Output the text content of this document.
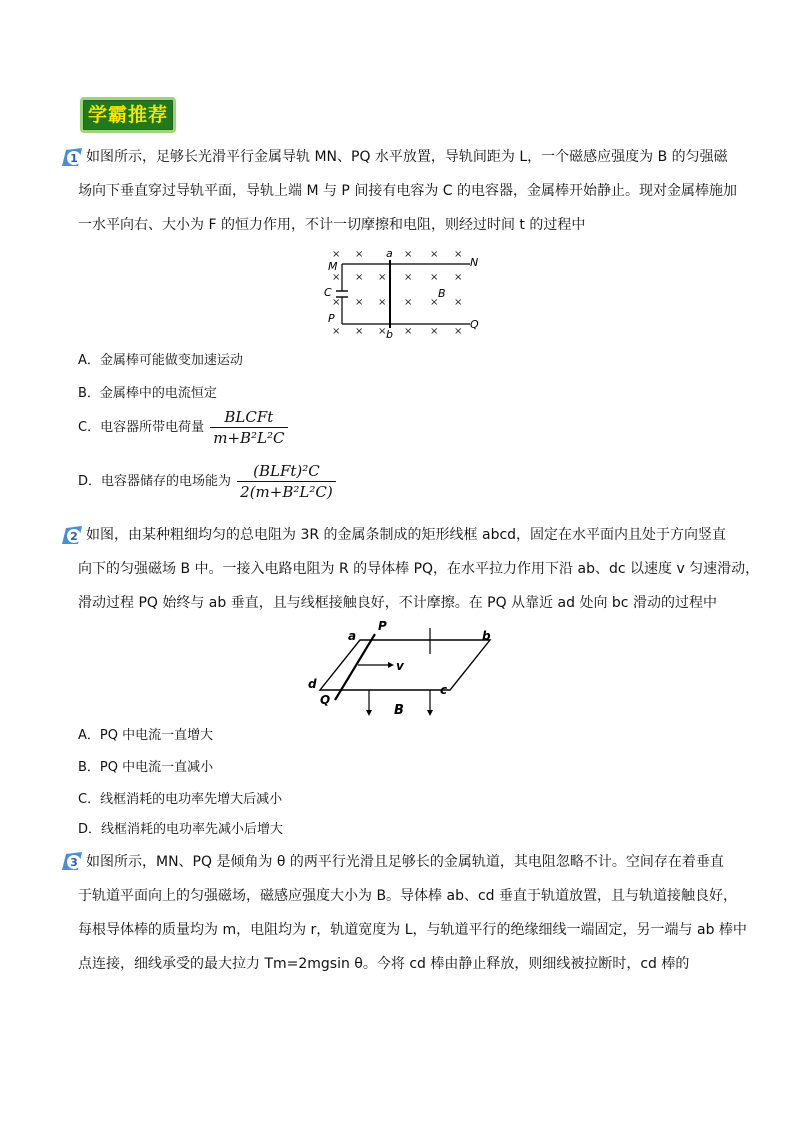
学霸推荐
1 如图所示，足够长光滑平行金属导轨 MN、PQ 水平放置，导轨间距为 L，一个磁感应强度为 B 的匀强磁
场向下垂直穿过导轨平面，导轨上端 M 与 P 间接有电容为 C 的电容器，金属棒开始静止。现对金属棒施加
一水平向右、大小为 F 的恒力作用，不计一切摩擦和电阻，则经过时间 t 的过程中
× ×	× × ×
× × × × × ×
× × × × × ×
× × × × × ×
M	N
P	Q
a
b
C	B
A．金属棒可能做变加速运动
B．金属棒中的电流恒定
C．电容器所带电荷量 $\frac{\text{BLCFt}}{\text{m+B²L²C}}$
D．电容器储存的电场能为 $\frac{\text{(BLFt)²C}}{\text{2(m+B²L²C)}}$
2 如图，由某种粗细均匀的总电阻为 3R 的金属条制成的矩形线框 abcd，固定在水平面内且处于方向竖直
向下的匀强磁场 B 中。一接入电路电阻为 R 的导体棒 PQ，在水平拉力作用下沿 ab、dc 以速度 v 匀速滑动，
滑动过程 PQ 始终与 ab 垂直，且与线框接触良好，不计摩擦。在 PQ 从靠近 ad 处向 bc 滑动的过程中
a
P
b
d
Q
c
v
B
A．PQ 中电流一直增大
B．PQ 中电流一直减小
C．线框消耗的电功率先增大后减小
D．线框消耗的电功率先减小后增大
3 如图所示，MN、PQ 是倾角为 θ 的两平行光滑且足够长的金属轨道，其电阻忽略不计。空间存在着垂直
于轨道平面向上的匀强磁场，磁感应强度大小为 B。导体棒 ab、cd 垂直于轨道放置，且与轨道接触良好，
每根导体棒的质量均为 m，电阻均为 r，轨道宽度为 L，与轨道平行的绝缘细线一端固定，另一端与 ab 棒中
点连接，细线承受的最大拉力 Tm=2mgsin θ。今将 cd 棒由静止释放，则细线被拉断时，cd 棒的
